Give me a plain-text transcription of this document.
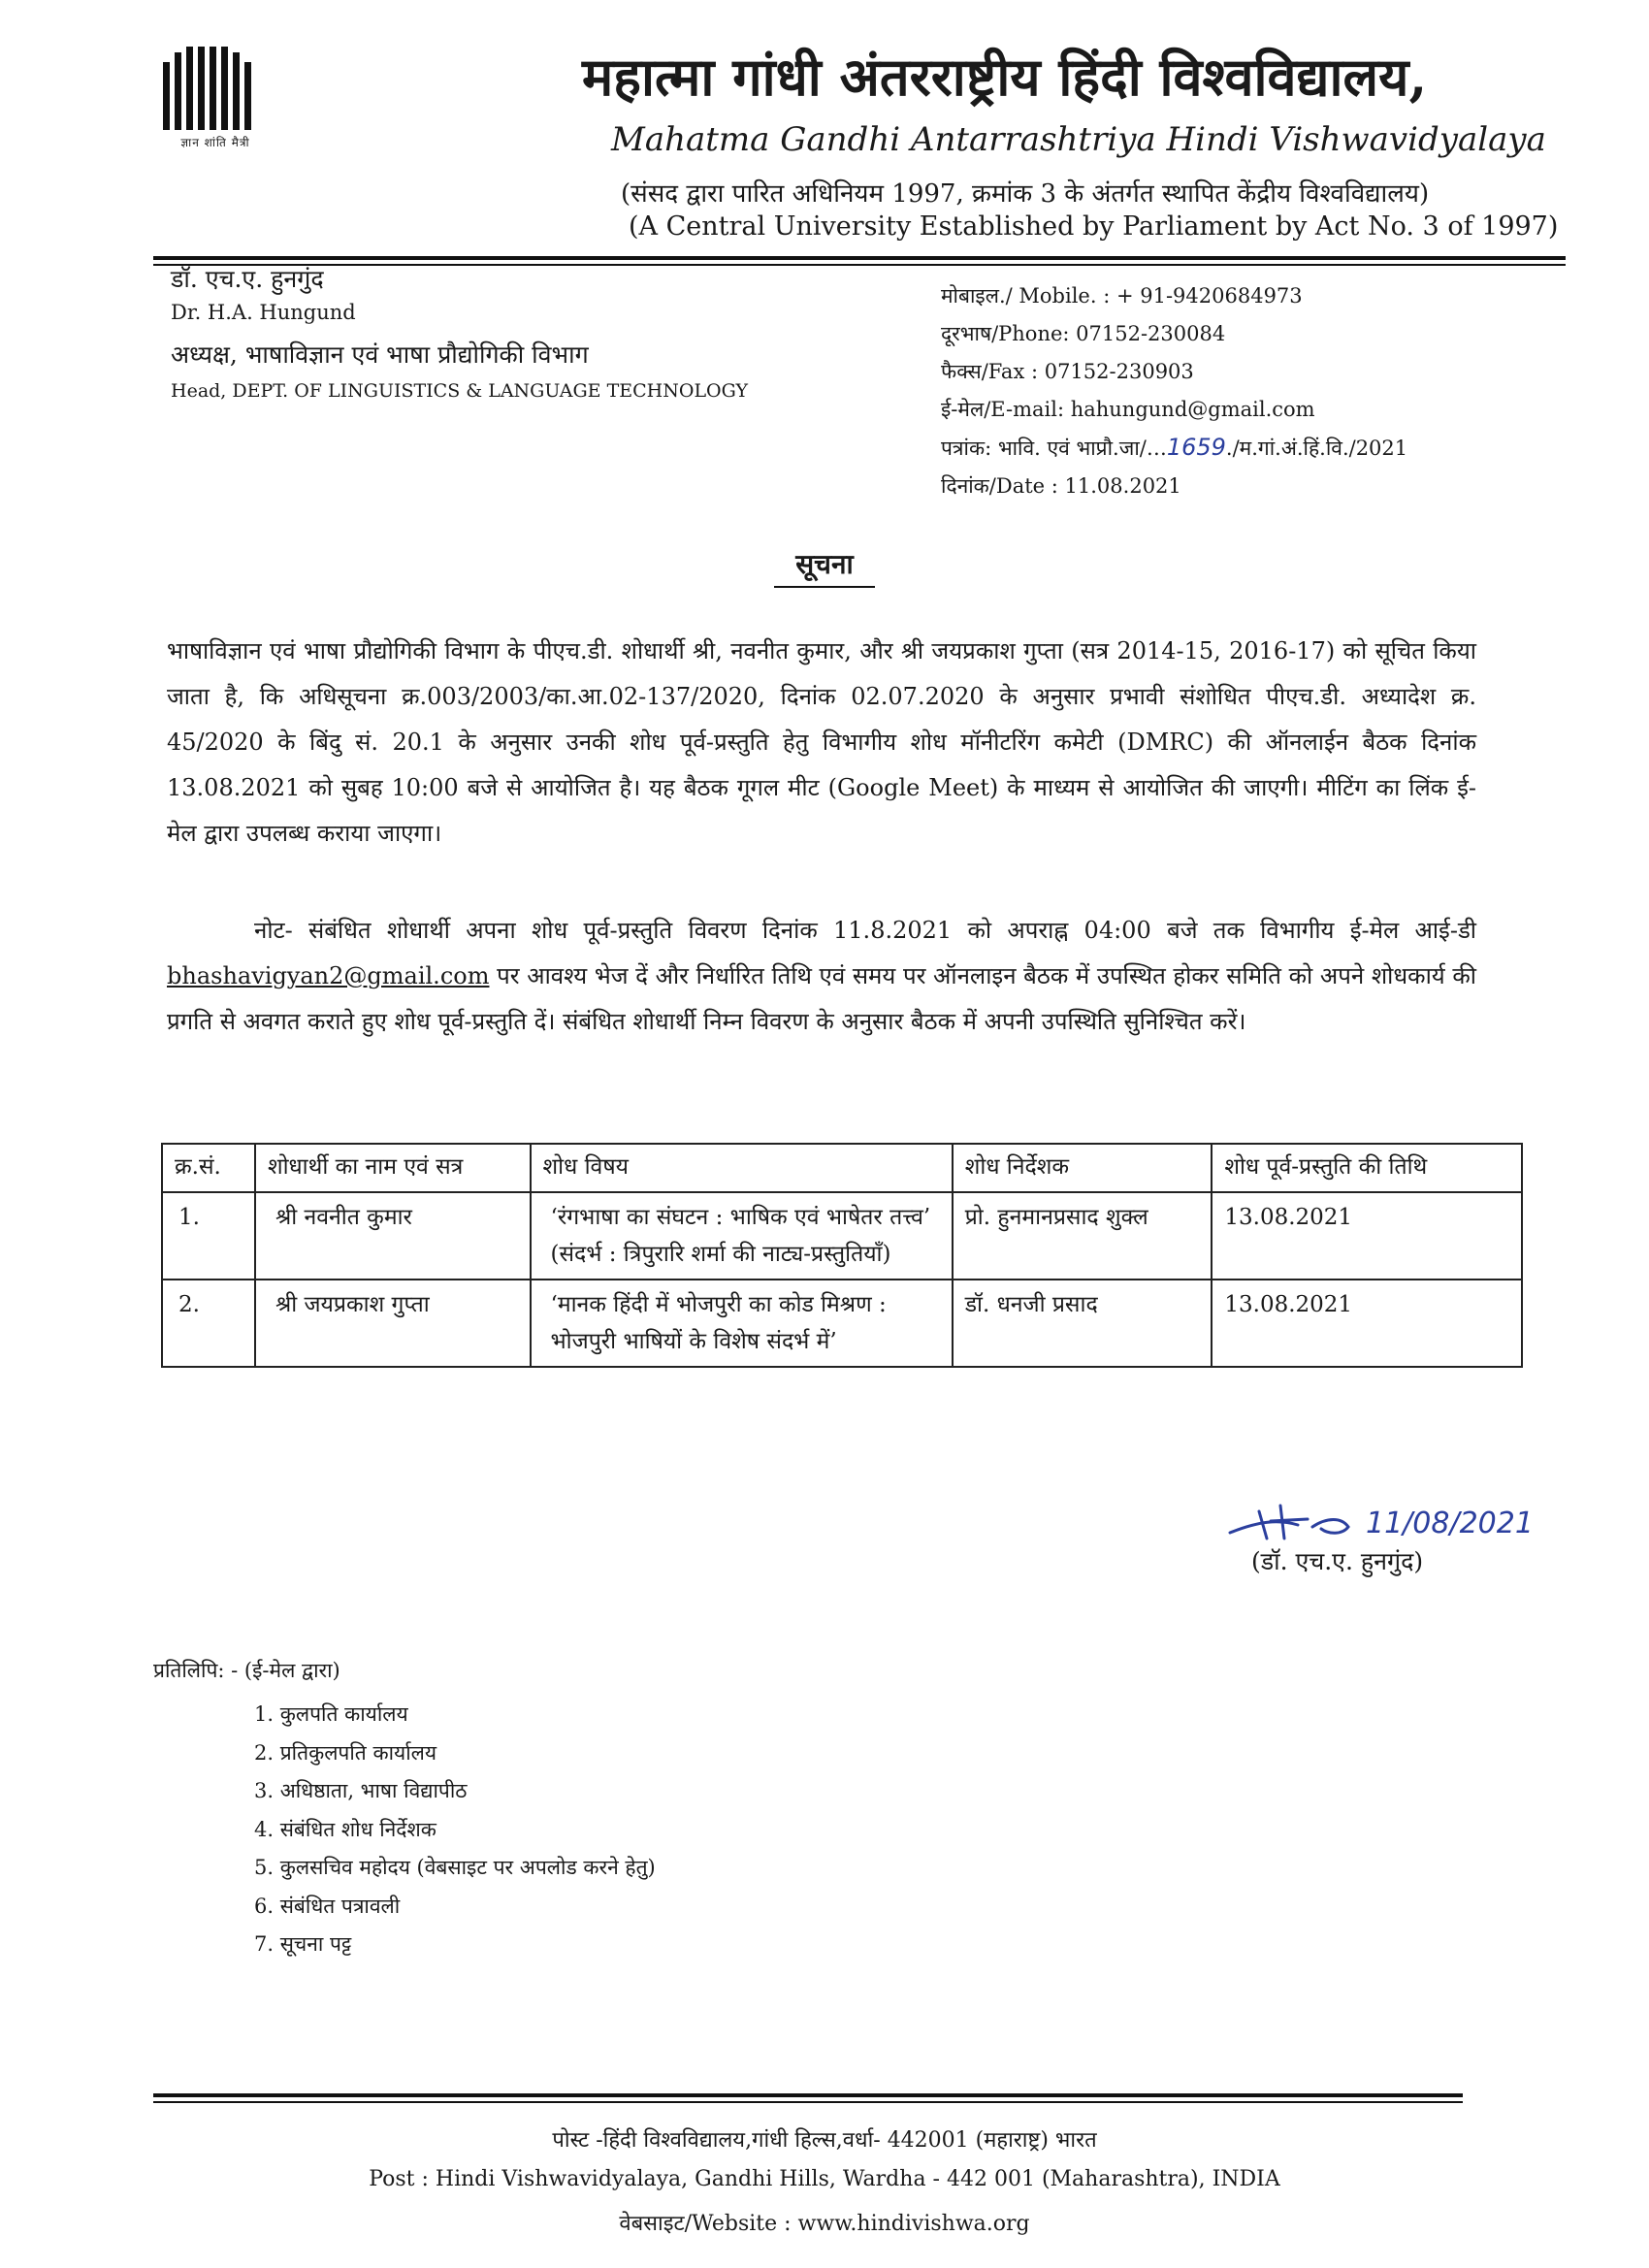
ज्ञान शांति मैत्री
महात्मा गांधी अंतरराष्ट्रीय हिंदी विश्वविद्यालय,
Mahatma Gandhi Antarrashtriya Hindi Vishwavidyalaya
(संसद द्वारा पारित अधिनियम 1997, क्रमांक 3 के अंतर्गत स्थापित केंद्रीय विश्वविद्यालय)
(A Central University Established by Parliament by Act No. 3 of 1997)
डॉ. एच.ए. हुनगुंद
Dr. H.A. Hungund
अध्यक्ष, भाषाविज्ञान एवं भाषा प्रौद्योगिकी विभाग
Head, DEPT. OF LINGUISTICS & LANGUAGE TECHNOLOGY
मोबाइल./ Mobile. : + 91-9420684973
दूरभाष/Phone: 07152-230084
फैक्स/Fax : 07152-230903
ई-मेल/E-mail: hahungund@gmail.com
पत्रांक: भावि. एवं भाप्रौ.जा/…1659./म.गां.अं.हिं.वि./2021
दिनांक/Date : 11.08.2021
सूचना
भाषाविज्ञान एवं भाषा प्रौद्योगिकी विभाग के पीएच.डी. शोधार्थी श्री, नवनीत कुमार, और श्री जयप्रकाश गुप्ता (सत्र 2014-15, 2016-17) को सूचित किया जाता है, कि अधिसूचना क्र.003/2003/का.आ.02-137/2020, दिनांक 02.07.2020 के अनुसार प्रभावी संशोधित पीएच.डी. अध्यादेश क्र. 45/2020 के बिंदु सं. 20.1 के अनुसार उनकी शोध पूर्व-प्रस्तुति हेतु विभागीय शोध मॉनीटरिंग कमेटी (DMRC) की ऑनलाईन बैठक दिनांक 13.08.2021 को सुबह 10:00 बजे से आयोजित है। यह बैठक गूगल मीट (Google Meet) के माध्यम से आयोजित की जाएगी। मीटिंग का लिंक ई-मेल द्वारा उपलब्ध कराया जाएगा।
नोट- संबंधित शोधार्थी अपना शोध पूर्व-प्रस्तुति विवरण दिनांक 11.8.2021 को अपराह्न 04:00 बजे तक विभागीय ई-मेल आई-डी bhashavigyan2@gmail.com पर आवश्य भेज दें और निर्धारित तिथि एवं समय पर ऑनलाइन बैठक में उपस्थित होकर समिति को अपने शोधकार्य की प्रगति से अवगत कराते हुए शोध पूर्व-प्रस्तुति दें। संबंधित शोधार्थी निम्न विवरण के अनुसार बैठक में अपनी उपस्थिति सुनिश्चित करें।
क्र.सं.	शोधार्थी का नाम एवं सत्र	शोध विषय	शोध निर्देशक	शोध पूर्व-प्रस्तुति की तिथि
1.	श्री नवनीत कुमार	‘रंगभाषा का संघटन : भाषिक एवं भाषेतर तत्त्व’ (संदर्भ : त्रिपुरारि शर्मा की नाट्य-प्रस्तुतियाँ)	प्रो. हुनमानप्रसाद शुक्ल	13.08.2021
2.	श्री जयप्रकाश गुप्ता	‘मानक हिंदी में भोजपुरी का कोड मिश्रण : भोजपुरी भाषियों के विशेष संदर्भ में’	डॉ. धनजी प्रसाद	13.08.2021
11/08/2021
(डॉ. एच.ए. हुनगुंद)
प्रतिलिपि: - (ई-मेल द्वारा)
1. कुलपति कार्यालय
2. प्रतिकुलपति कार्यालय
3. अधिष्ठाता, भाषा विद्यापीठ
4. संबंधित शोध निर्देशक
5. कुलसचिव महोदय (वेबसाइट पर अपलोड करने हेतु)
6. संबंधित पत्रावली
7. सूचना पट्ट
पोस्ट -हिंदी विश्वविद्यालय,गांधी हिल्स,वर्धा- 442001 (महाराष्ट्र) भारत
Post : Hindi Vishwavidyalaya, Gandhi Hills, Wardha - 442 001 (Maharashtra), INDIA
वेबसाइट/Website : www.hindivishwa.org
